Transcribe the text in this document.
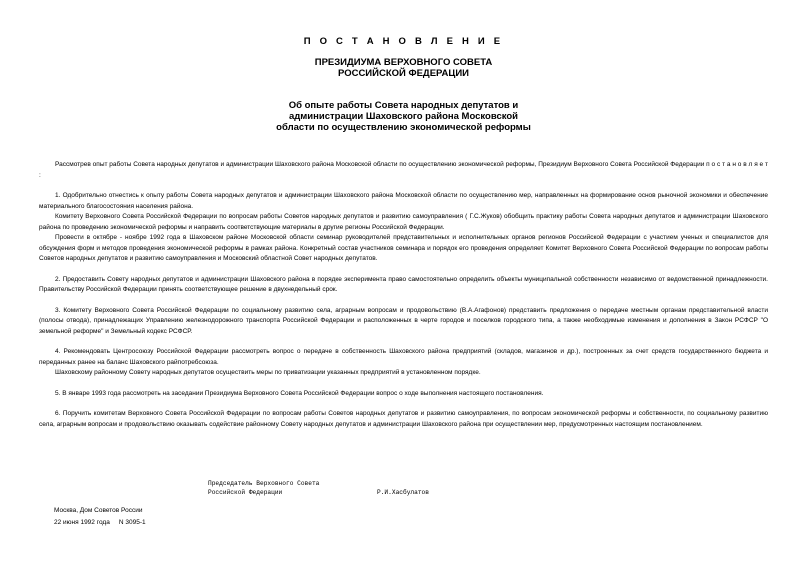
П О С Т А Н О В Л Е Н И Е
ПРЕЗИДИУМА ВЕРХОВНОГО СОВЕТА
РОССИЙСКОЙ ФЕДЕРАЦИИ
Об опыте работы Совета народных депутатов и
администрации Шаховского района Московской
области по осуществлению экономической реформы

Рассмотрев опыт работы Совета народных депутатов и администрации Шаховского района Московской области по осуществлению экономической реформы, Президиум Верховного Совета Российской Федерации п о с т а н о в л я е т :

1. Одобрительно отнестись к опыту работы Совета народных депутатов и администрации Шаховского района Московской области по осуществлению мер, направленных на формирование основ рыночной экономики и обеспечение материального благосостояния населения района.

Комитету Верховного Совета Российской Федерации по вопросам работы Советов народных депутатов и развитию самоуправления ( Г.С.Жуков) обобщить практику работы Совета народных депутатов и администрации Шаховского района по проведению экономической реформы и направить соответствующие материалы в другие регионы Российской Федерации.

Провести в октябре - ноябре 1992 года в Шаховском районе Московской области семинар руководителей представительных и исполнительных органов регионов Российской Федерации с участием ученых и специалистов для обсуждения форм и методов проведения экономической реформы в рамках района. Конкретный состав участников семинара и порядок его проведения определяет Комитет Верховного Совета Российской Федерации по вопросам работы Советов народных депутатов и развитию самоуправления и Московский областной Совет народных депутатов.

2. Предоставить Совету народных депутатов и администрации Шаховского района в порядке эксперимента право самостоятельно определить объекты муниципальной собственности независимо от ведомственной принадлежности. Правительству Российской Федерации принять соответствующее решение в двухнедельный срок.

3. Комитету Верховного Совета Российской Федерации по социальному развитию села, аграрным вопросам и продовольствию (В.А.Агафонов) представить предложения о передаче местным органам представительной власти (полосы отвода), принадлежащих Управлению железнодорожного транспорта Российской Федерации и расположенных в черте городов и поселков городского типа, а также необходимые изменения и дополнения в Закон РСФСР "О земельной реформе" и Земельный кодекс РСФСР.

4. Рекомендовать Центросоюзу Российской Федерации рассмотреть вопрос о передаче в собственность Шаховского района предприятий (складов, магазинов и др.), построенных за счет средств государственного бюджета и переданных ранее на баланс Шаховского райпотребсоюза.

Шаховскому районному Совету народных депутатов осуществить меры по приватизации указанных предприятий в установленном порядке.

5. В январе 1993 года рассмотреть на заседании Президиума Верховного Совета Российской Федерации вопрос о ходе выполнения настоящего постановления.

6. Поручить комитетам Верховного Совета Российской Федерации по вопросам работы Советов народных депутатов и развитию самоуправления, по вопросам экономической реформы и собственности, по социальному развитию села, аграрным вопросам и продовольствию оказывать содействие районному Совету народных депутатов и администрации Шаховского района при осуществлении мер, предусмотренных настоящим постановлением.

Председатель Верховного Совета
Российской Федерации	Р.И.Хасбулатов
Москва, Дом Советов России
22 июня 1992 года     N 3095-1
